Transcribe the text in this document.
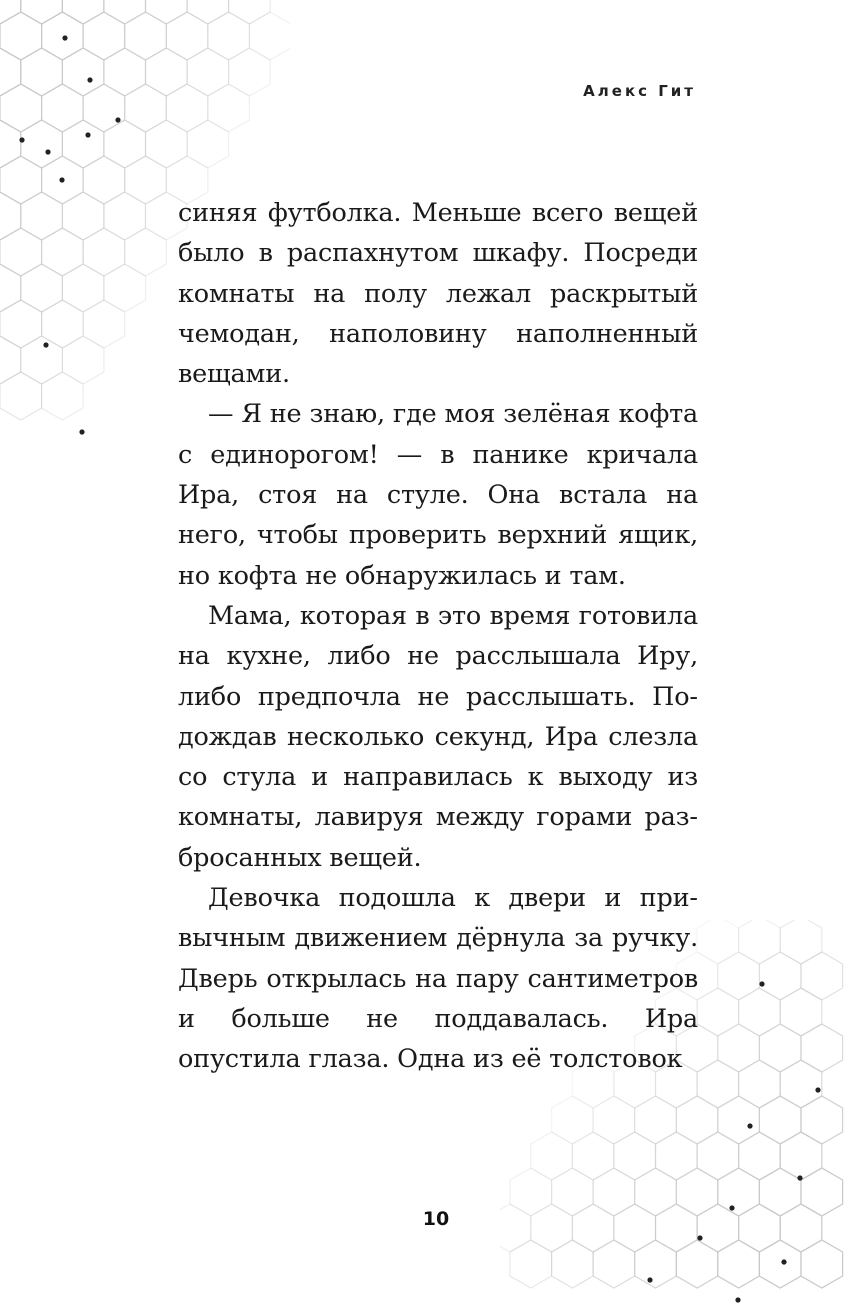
Алекс Гит

синяя футболка. Меньше всего вещей было в распахнутом шкафу. Посреди комнаты на полу лежал раскрытый чемодан, наполовину наполненный вещами.

— Я не знаю, где моя зелёная кофта с единорогом! — в панике кричала Ира, стоя на стуле. Она встала на него, чтобы проверить верхний ящик, но кофта не обнаружилась и там.

Мама, которая в это время готовила на кухне, либо не расслышала Иру, либо предпочла не расслышать. Подождав несколько секунд, Ира слезла со стула и направилась к выходу из комнаты, лавируя между горами разбросанных вещей.

Девочка подошла к двери и привычным движением дёрнула за ручку. Дверь открылась на пару сантиметров и больше не поддавалась. Ира опустила глаза. Одна из её толстовок

10
